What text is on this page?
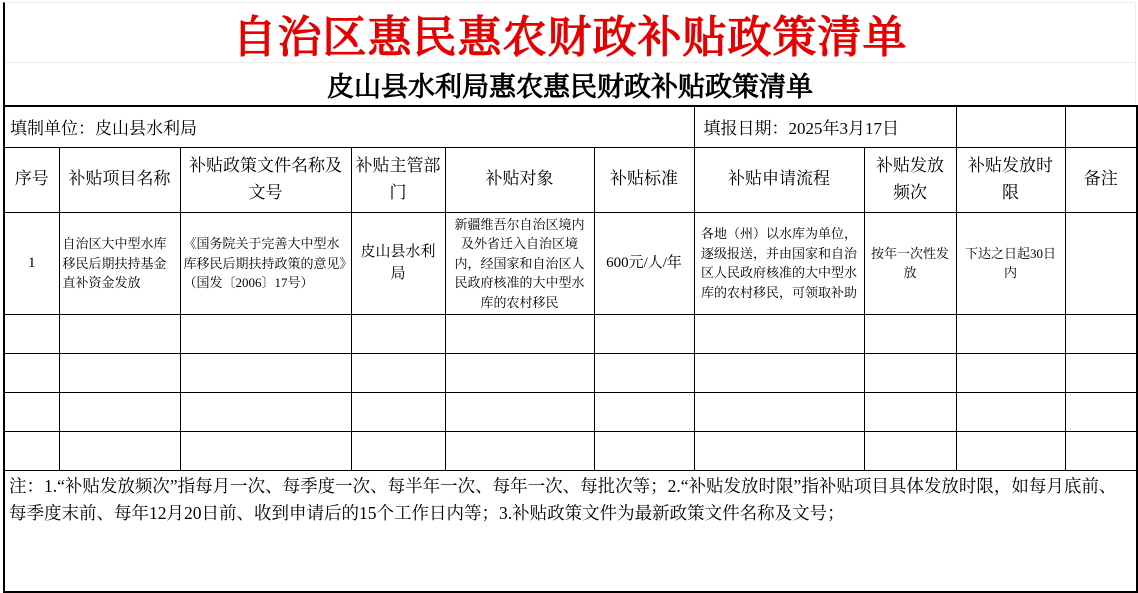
自治区惠民惠农财政补贴政策清单
皮山县水利局惠农惠民财政补贴政策清单
填制单位：皮山县水利局						填报日期：2025年3月17日			
序号	补贴项目名称	补贴政策文件名称及文号	补贴主管部门	补贴对象	补贴标准	补贴申请流程	补贴发放频次	补贴发放时限	备注
1	自治区大中型水库移民后期扶持基金直补资金发放	《国务院关于完善大中型水库移民后期扶持政策的意见》（国发〔2006〕17号）	皮山县水利局	新疆维吾尔自治区境内及外省迁入自治区境内，经国家和自治区人民政府核准的大中型水库的农村移民	600元/人/年	各地（州）以水库为单位，逐级报送，并由国家和自治区人民政府核准的大中型水库的农村移民，可领取补助	按年一次性发放	下达之日起30日内	

注：1.“补贴发放频次”指每月一次、每季度一次、每半年一次、每年一次、每批次等；2.“补贴发放时限”指补贴项目具体发放时限，如每月底前、每季度末前、每年12月20日前、收到申请后的15个工作日内等；3.补贴政策文件为最新政策文件名称及文号；									
